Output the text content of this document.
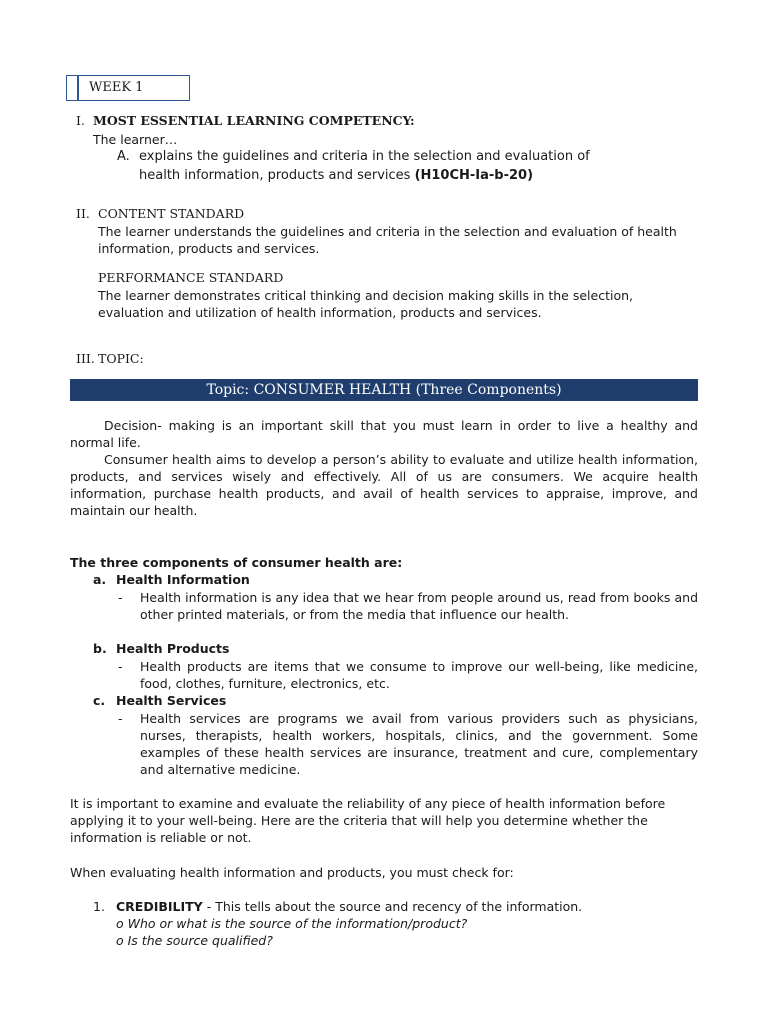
WEEK 1
I. MOST ESSENTIAL LEARNING COMPETENCY:
The learner…
A. explains the guidelines and criteria in the selection and evaluation of
health information, products and services (H10CH-Ia-b-20)
II. CONTENT STANDARD
The learner understands the guidelines and criteria in the selection and evaluation of health information, products and services.
PERFORMANCE STANDARD
The learner demonstrates critical thinking and decision making skills in the selection, evaluation and utilization of health information, products and services.
III. TOPIC:
Topic: CONSUMER HEALTH (Three Components)
Decision- making is an important skill that you must learn in order to live a healthy and normal life.
Consumer health aims to develop a person’s ability to evaluate and utilize health information, products, and services wisely and effectively. All of us are consumers. We acquire health information, purchase health products, and avail of health services to appraise, improve, and maintain our health.
The three components of consumer health are:
a. Health Information
- Health information is any idea that we hear from people around us, read from books and other printed materials, or from the media that influence our health.
b. Health Products
- Health products are items that we consume to improve our well-being, like medicine, food, clothes, furniture, electronics, etc.
c. Health Services
- Health services are programs we avail from various providers such as physicians, nurses, therapists, health workers, hospitals, clinics, and the government. Some examples of these health services are insurance, treatment and cure, complementary and alternative medicine.
It is important to examine and evaluate the reliability of any piece of health information before applying it to your well-being. Here are the criteria that will help you determine whether the information is reliable or not.
When evaluating health information and products, you must check for:
1. CREDIBILITY - This tells about the source and recency of the information.
o Who or what is the source of the information/product?
o Is the source qualified?
